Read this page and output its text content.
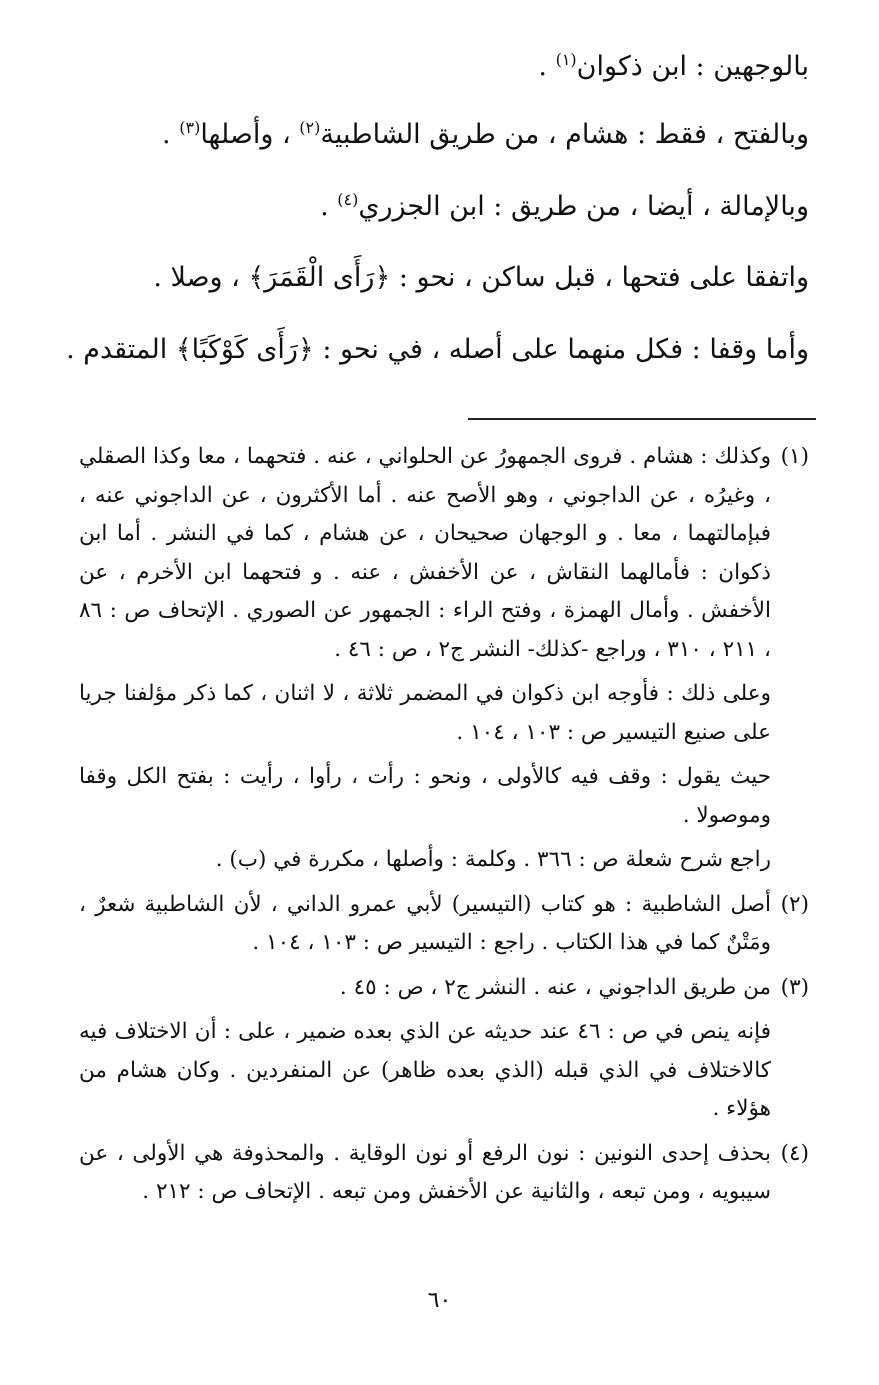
بالوجهين : ابن ذكوان$^{(١)}$ .
وبالفتح ، فقط : هشام ، من طريق الشاطبية$^{(٢)}$ ، وأصلها$^{(٣)}$ .
وبالإمالة ، أيضا ، من طريق : ابن الجزري$^{(٤)}$ .
واتفقا على فتحها ، قبل ساكن ، نحو : ﴿رَأَى الْقَمَرَ﴾ ، وصلا .
وأما وقفا : فكل منهما على أصله ، في نحو : ﴿رَأَى كَوْكَبًا﴾ المتقدم .
(١)
وكذلك : هشام . فروى الجمهورُ عن الحلواني ، عنه . فتحهما ، معا وكذا الصقلي ، وغيرُه ، عن الداجوني ، وهو الأصح عنه . أما الأكثرون ، عن الداجوني عنه ، فبإمالتهما ، معا . و الوجهان صحيحان ، عن هشام ، كما في النشر . أما ابن ذكوان : فأمالهما النقاش ، عن الأخفش ، عنه . و فتحهما ابن الأخرم ، عن الأخفش . وأمال الهمزة ، وفتح الراء : الجمهور عن الصوري . الإتحاف ص : ٨٦ ، ٢١١ ، ٣١٠ ، وراجع -كذلك- النشر ج٢ ، ص : ٤٦ .
وعلى ذلك : فأوجه ابن ذكوان في المضمر ثلاثة ، لا اثنان ، كما ذكر مؤلفنا جريا على صنيع التيسير ص : ١٠٣ ، ١٠٤ .
حيث يقول : وقف فيه كالأولى ، ونحو : رأت ، رأوا ، رأيت : بفتح الكل وقفا وموصولا .
راجع شرح شعلة ص : ٣٦٦ . وكلمة : وأصلها ، مكررة في (ب) .
(٢)
أصل الشاطبية : هو كتاب (التيسير) لأبي عمرو الداني ، لأن الشاطبية شعرٌ ، ومَتْنٌ كما في هذا الكتاب . راجع : التيسير ص : ١٠٣ ، ١٠٤ .
(٣)
من طريق الداجوني ، عنه . النشر ج٢ ، ص : ٤٥ .
فإنه ينص في ص : ٤٦ عند حديثه عن الذي بعده ضمير ، على : أن الاختلاف فيه كالاختلاف في الذي قبله (الذي بعده ظاهر) عن المنفردين . وكان هشام من هؤلاء .
(٤)
بحذف إحدى النونين : نون الرفع أو نون الوقاية . والمحذوفة هي الأولى ، عن سيبويه ، ومن تبعه ، والثانية عن الأخفش ومن تبعه . الإتحاف ص : ٢١٢ .
٦٠
